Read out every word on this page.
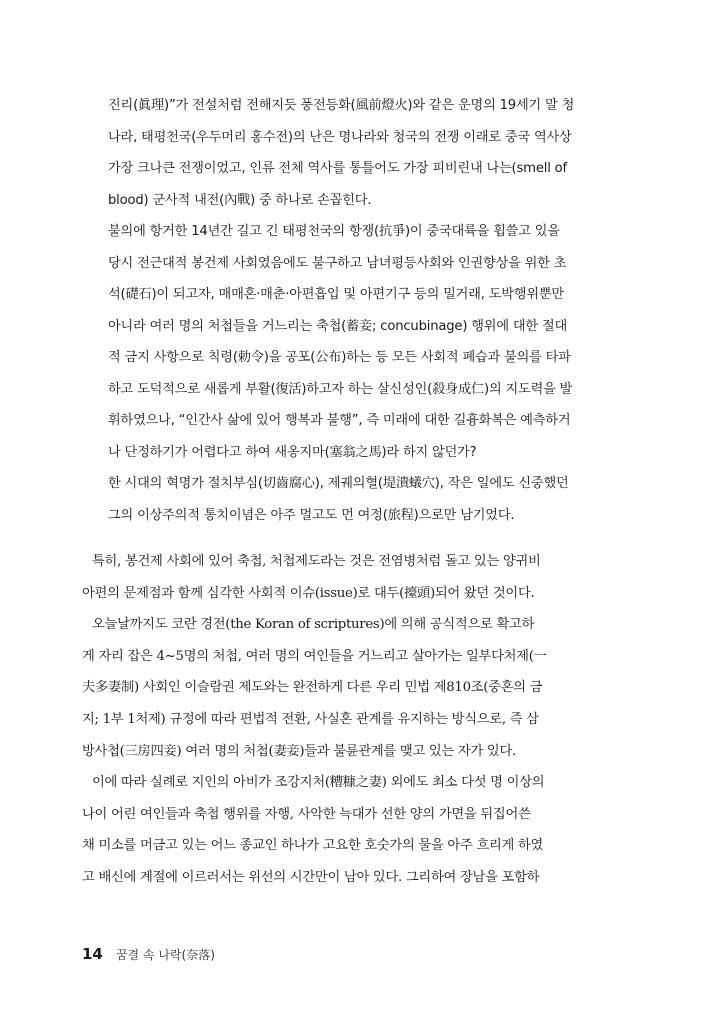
진리(眞理)”가 전설처럼 전해지듯 풍전등화(風前燈火)와 같은 운명의 19세기 말 청
나라, 태평천국(우두머리 홍수전)의 난은 명나라와 청국의 전쟁 이래로 중국 역사상
가장 크나큰 전쟁이었고, 인류 전체 역사를 통틀어도 가장 피비린내 나는(smell of
blood) 군사적 내전(內戰) 중 하나로 손꼽힌다.
불의에 항거한 14년간 길고 긴 태평천국의 항쟁(抗爭)이 중국대륙을 휩쓸고 있을
당시 전근대적 봉건제 사회였음에도 불구하고 남녀평등사회와 인권향상을 위한 초
석(礎石)이 되고자, 매매혼·매춘·아편흡입 및 아편기구 등의 밀거래, 도박행위뿐만
아니라 여러 명의 처첩들을 거느리는 축첩(蓄妾; concubinage) 행위에 대한 절대
적 금지 사항으로 칙령(勅令)을 공포(公布)하는 등 모든 사회적 폐습과 불의를 타파
하고 도덕적으로 새롭게 부활(復活)하고자 하는 살신성인(殺身成仁)의 지도력을 발
휘하였으나, “인간사 삶에 있어 행복과 불행”, 즉 미래에 대한 길흉화복은 예측하거
나 단정하기가 어렵다고 하여 새옹지마(塞翁之馬)라 하지 않던가?
한 시대의 혁명가 절치부심(切齒腐心), 제궤의혈(堤潰蟻穴), 작은 일에도 신중했던
그의 이상주의적 통치이념은 아주 멀고도 먼 여정(旅程)으로만 남기었다.
특히, 봉건제 사회에 있어 축첩, 처첩제도라는 것은 전염병처럼 돌고 있는 양귀비
아편의 문제점과 함께 심각한 사회적 이슈(issue)로 대두(擡頭)되어 왔던 것이다.
오늘날까지도 코란 경전(the Koran of scriptures)에 의해 공식적으로 확고하
게 자리 잡은 4~5명의 처첩, 여러 명의 여인들을 거느리고 살아가는 일부다처제(一
夫多妻制) 사회인 이슬람권 제도와는 완전하게 다른 우리 민법 제810조(중혼의 금
지; 1부 1처제) 규정에 따라 편법적 전환, 사실혼 관계를 유지하는 방식으로, 즉 삼
방사첩(三房四妾) 여러 명의 처첩(妻妾)들과 불륜관계를 맺고 있는 자가 있다.
이에 따라 실례로 지인의 아비가 조강지처(糟糠之妻) 외에도 최소 다섯 명 이상의
나이 어린 여인들과 축첩 행위를 자행, 사악한 늑대가 선한 양의 가면을 뒤집어쓴
채 미소를 머금고 있는 어느 종교인 하나가 고요한 호숫가의 물을 아주 흐리게 하였
고 배신에 계절에 이르러서는 위선의 시간만이 남아 있다. 그리하여 장남을 포함하
14 꿈결 속 나락(奈落)
